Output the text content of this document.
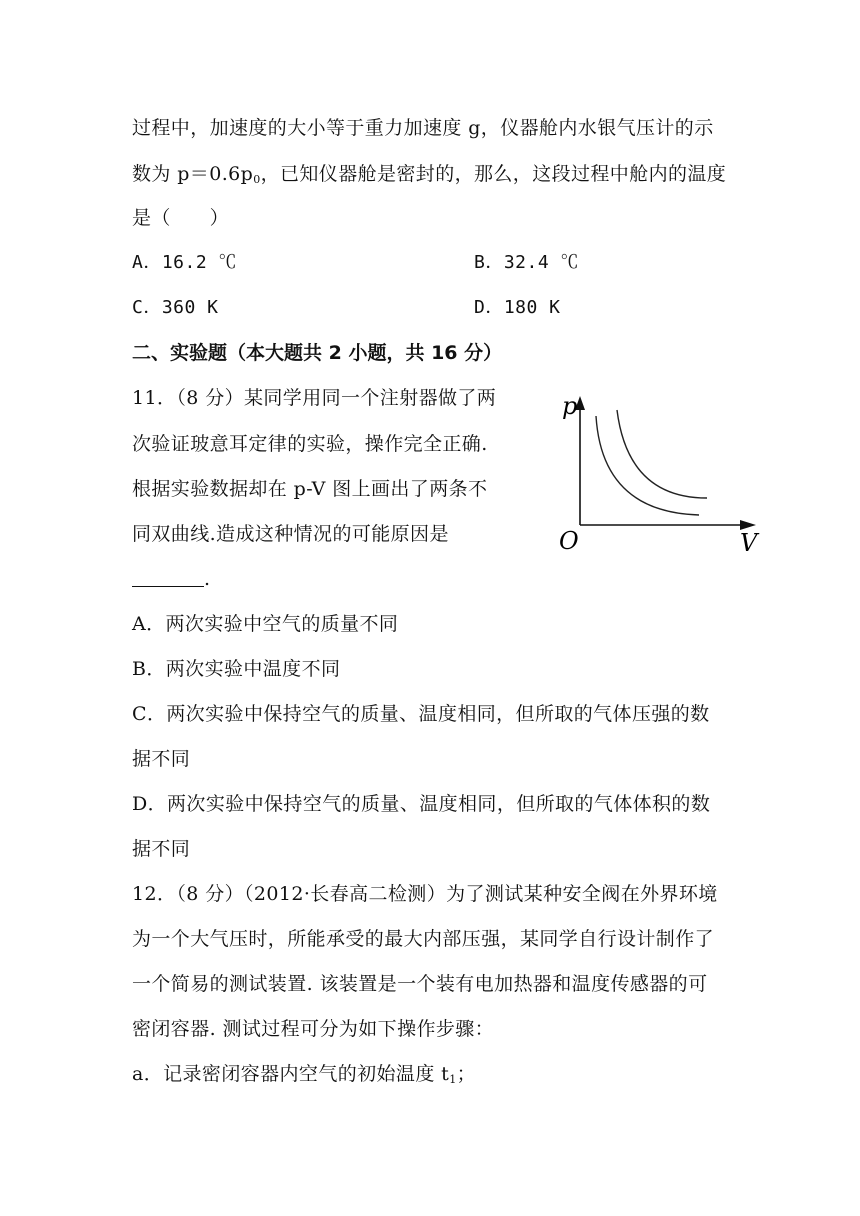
过程中，加速度的大小等于重力加速度 g，仪器舱内水银气压计的示
数为 $p=0.6p_0$，已知仪器舱是密封的，那么，这段过程中舱内的温度
是（　　）
A．16.2 ℃	B．32.4 ℃
C．360 K	D．180 K
二、实验题（本大题共 2 小题，共 16 分）
11．（8 分）某同学用同一个注射器做了两
次验证玻意耳定律的实验，操作完全正确.
根据实验数据却在 p-V 图上画出了两条不
同双曲线.造成这种情况的可能原因是
.
p
V
O
A．两次实验中空气的质量不同
B．两次实验中温度不同
C．两次实验中保持空气的质量、温度相同，但所取的气体压强的数
据不同
D．两次实验中保持空气的质量、温度相同，但所取的气体体积的数
据不同
12．（8 分）（2012·长春高二检测）为了测试某种安全阀在外界环境
为一个大气压时，所能承受的最大内部压强，某同学自行设计制作了
一个简易的测试装置. 该装置是一个装有电加热器和温度传感器的可
密闭容器. 测试过程可分为如下操作步骤：
a．记录密闭容器内空气的初始温度 $t_1$；
